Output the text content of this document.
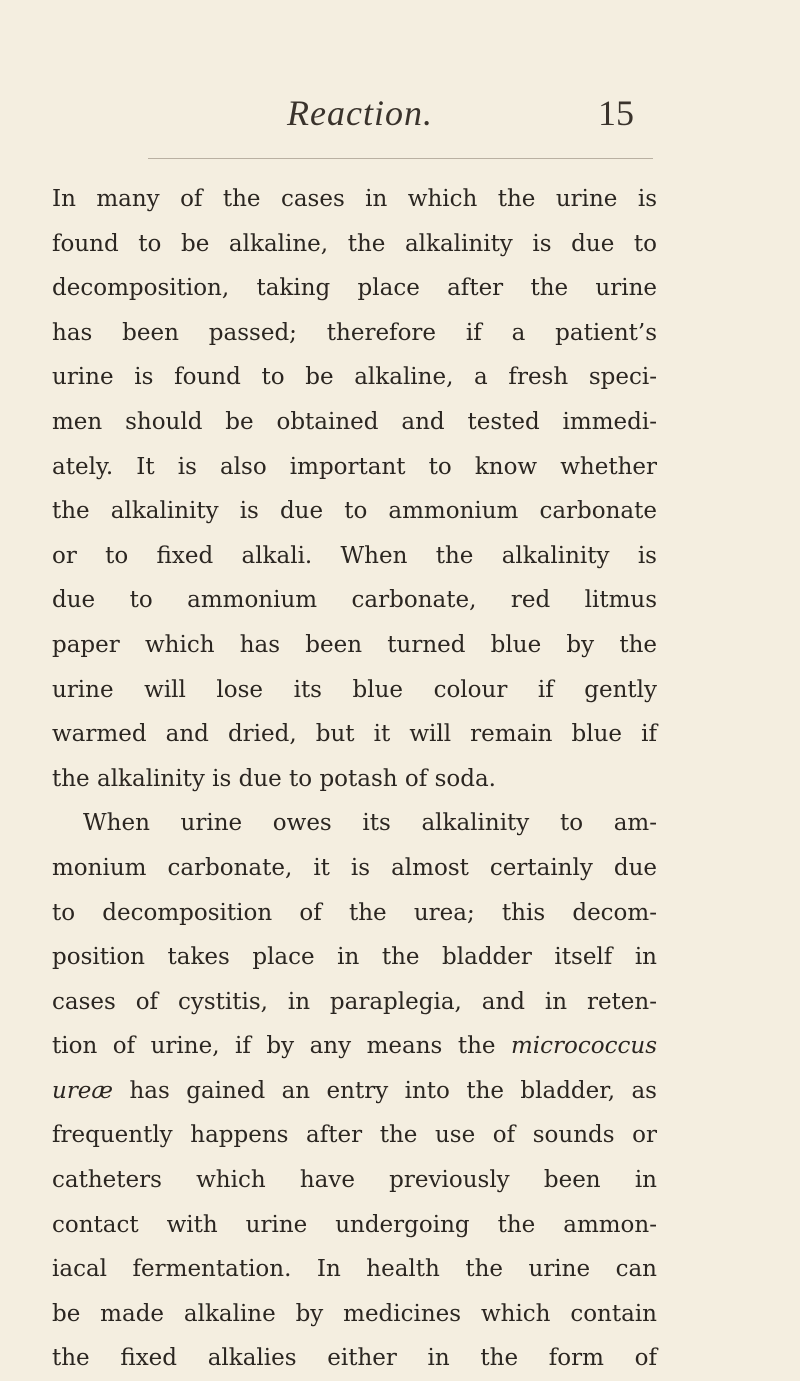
Reaction.	15
In many of the cases in which the urine is
found to be alkaline, the alkalinity is due to
decomposition, taking place after the urine
has been passed; therefore if a patient’s
urine is found to be alkaline, a fresh speci-
men should be obtained and tested immedi-
ately. It is also important to know whether
the alkalinity is due to ammonium carbonate
or to fixed alkali. When the alkalinity is
due to ammonium carbonate, red litmus
paper which has been turned blue by the
urine will lose its blue colour if gently
warmed and dried, but it will remain blue if
the alkalinity is due to potash of soda.
When urine owes its alkalinity to am-
monium carbonate, it is almost certainly due
to decomposition of the urea; this decom-
position takes place in the bladder itself in
cases of cystitis, in paraplegia, and in reten-
tion of urine, if by any means the micrococcus
ureæ has gained an entry into the bladder, as
frequently happens after the use of sounds or
catheters which have previously been in
contact with urine undergoing the ammon-
iacal fermentation. In health the urine can
be made alkaline by medicines which contain
the fixed alkalies either in the form of
